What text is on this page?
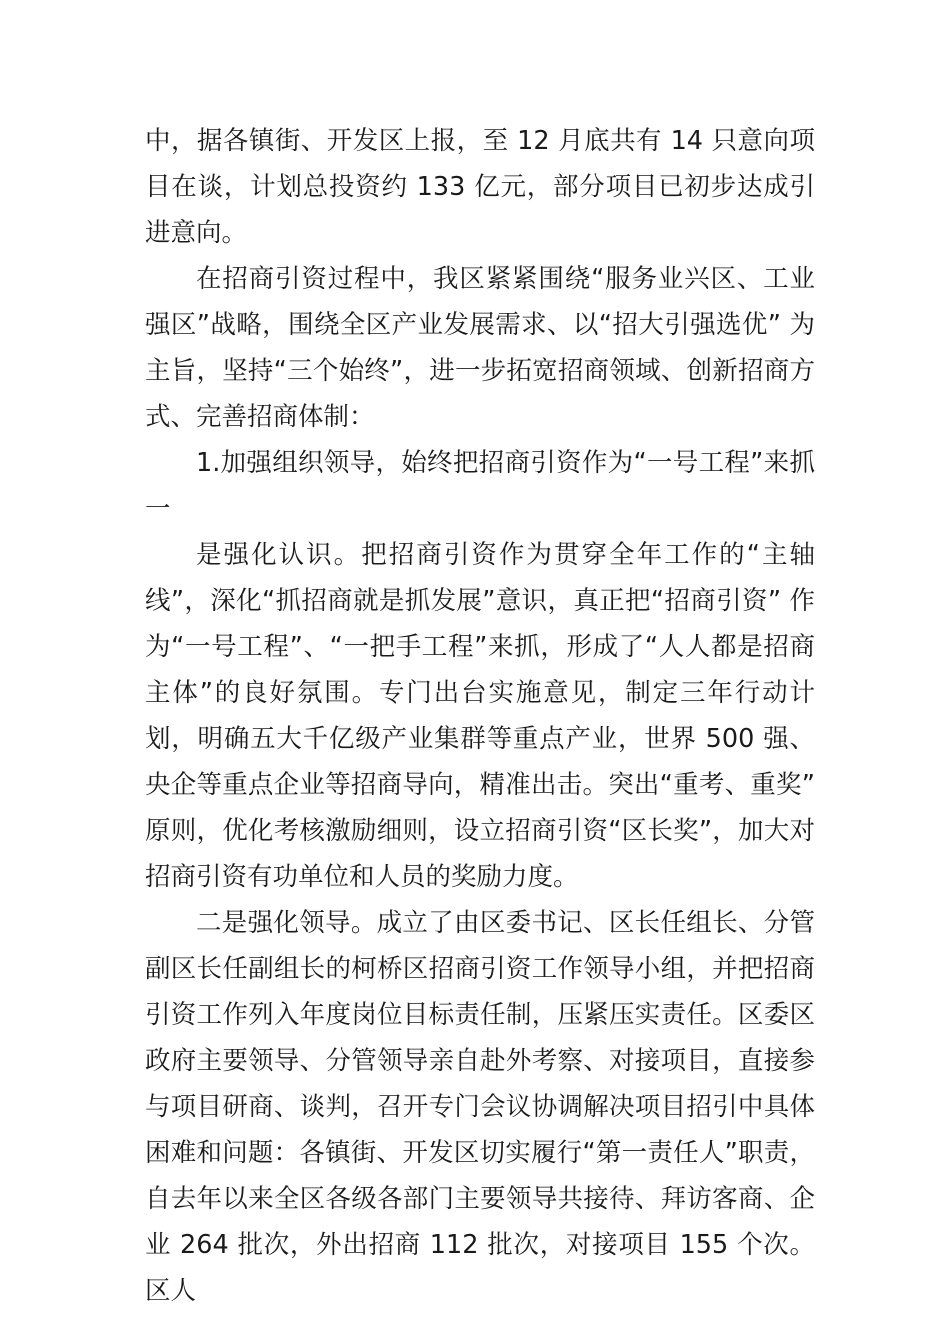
中，据各镇街、开发区上报，至 12 月底共有 14 只意向项目在谈，计划总投资约 133 亿元，部分项目已初步达成引进意向。

在招商引资过程中，我区紧紧围绕“服务业兴区、工业强区”战略，围绕全区产业发展需求、以“招大引强选优” 为主旨，坚持“三个始终”，进一步拓宽招商领域、创新招商方式、完善招商体制：

1.加强组织领导，始终把招商引资作为“一号工程”来抓一

是强化认识。把招商引资作为贯穿全年工作的“主轴线”，深化“抓招商就是抓发展”意识，真正把“招商引资” 作为“一号工程”、“一把手工程”来抓，形成了“人人都是招商主体”的良好氛围。专门出台实施意见，制定三年行动计划，明确五大千亿级产业集群等重点产业，世界 500 强、央企等重点企业等招商导向，精准出击。突出“重考、重奖” 原则，优化考核激励细则，设立招商引资“区长奖”，加大对招商引资有功单位和人员的奖励力度。

二是强化领导。成立了由区委书记、区长任组长、分管副区长任副组长的柯桥区招商引资工作领导小组，并把招商引资工作列入年度岗位目标责任制，压紧压实责任。区委区政府主要领导、分管领导亲自赴外考察、对接项目，直接参 与项目研商、谈判，召开专门会议协调解决项目招引中具体困难和问题：各镇街、开发区切实履行“第一责任人”职责， 自去年以来全区各级各部门主要领导共接待、拜访客商、企业 264 批次，外出招商 112 批次，对接项目 155 个次。区人
